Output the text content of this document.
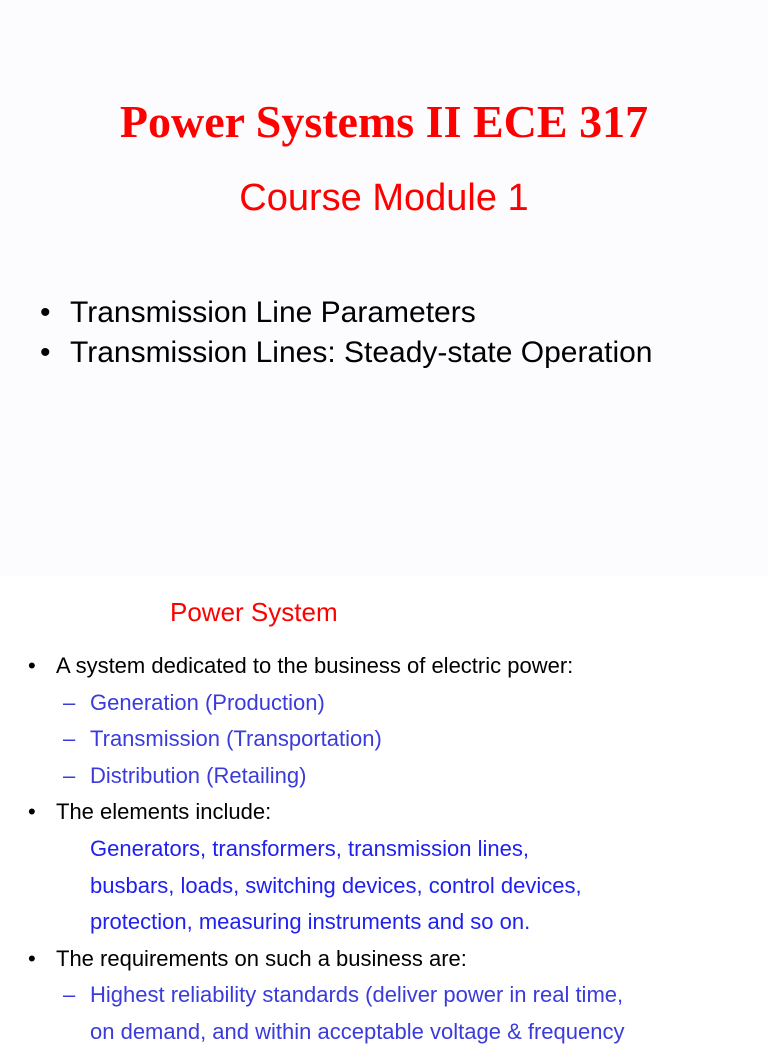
Power Systems II ECE 317
Course Module 1
• Transmission Line Parameters
• Transmission Lines: Steady-state Operation
Power System
• A system dedicated to the business of electric power:
– Generation (Production)
– Transmission (Transportation)
– Distribution (Retailing)
• The elements include:
Generators, transformers, transmission lines,
busbars, loads, switching devices, control devices,
protection, measuring instruments and so on.
• The requirements on such a business are:
– Highest reliability standards (deliver power in real time,
on demand, and within acceptable voltage & frequency
